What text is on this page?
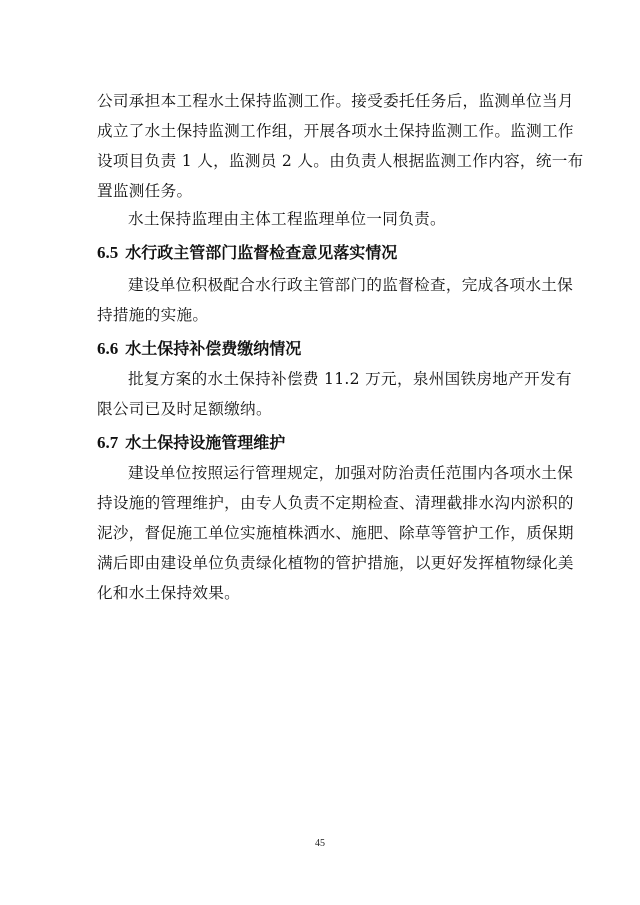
公司承担本工程水土保持监测工作。接受委托任务后，监测单位当月
成立了水土保持监测工作组，开展各项水土保持监测工作。监测工作
设项目负责 1 人，监测员 2 人。由负责人根据监测工作内容，统一布
置监测任务。
水土保持监理由主体工程监理单位一同负责。
6.5 水行政主管部门监督检查意见落实情况
建设单位积极配合水行政主管部门的监督检查，完成各项水土保
持措施的实施。
6.6 水土保持补偿费缴纳情况
批复方案的水土保持补偿费 11.2 万元，泉州国铁房地产开发有
限公司已及时足额缴纳。
6.7 水土保持设施管理维护
建设单位按照运行管理规定，加强对防治责任范围内各项水土保
持设施的管理维护，由专人负责不定期检查、清理截排水沟内淤积的
泥沙，督促施工单位实施植株洒水、施肥、除草等管护工作，质保期
满后即由建设单位负责绿化植物的管护措施，以更好发挥植物绿化美
化和水土保持效果。
45
